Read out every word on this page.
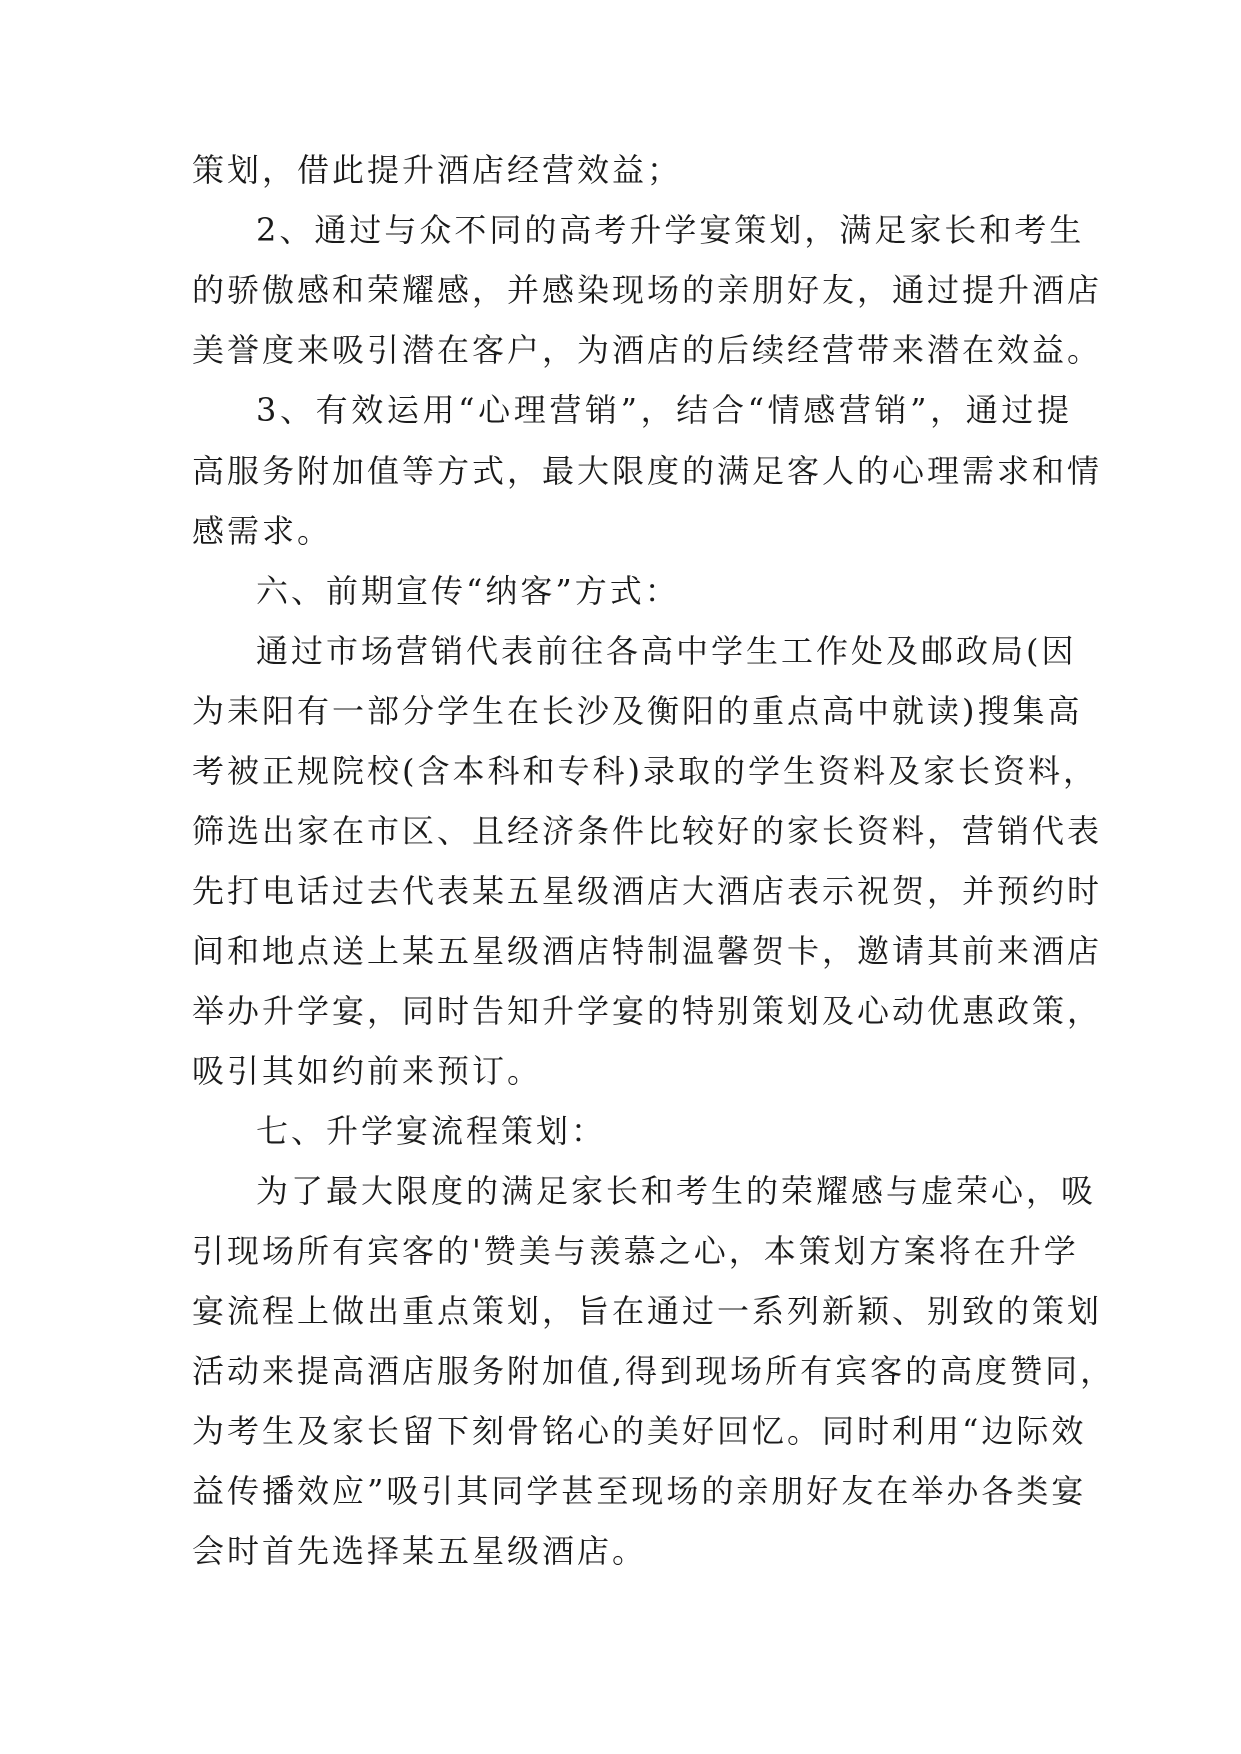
策划，借此提升酒店经营效益；
2、通过与众不同的高考升学宴策划，满足家长和考生
的骄傲感和荣耀感，并感染现场的亲朋好友，通过提升酒店
美誉度来吸引潜在客户，为酒店的后续经营带来潜在效益。
3、有效运用“心理营销”，结合“情感营销”，通过提
高服务附加值等方式，最大限度的满足客人的心理需求和情
感需求。
六、前期宣传“纳客”方式：
通过市场营销代表前往各高中学生工作处及邮政局(因
为耒阳有一部分学生在长沙及衡阳的重点高中就读)搜集高
考被正规院校(含本科和专科)录取的学生资料及家长资料，
筛选出家在市区、且经济条件比较好的家长资料，营销代表
先打电话过去代表某五星级酒店大酒店表示祝贺，并预约时
间和地点送上某五星级酒店特制温馨贺卡，邀请其前来酒店
举办升学宴，同时告知升学宴的特别策划及心动优惠政策，
吸引其如约前来预订。
七、升学宴流程策划：
为了最大限度的满足家长和考生的荣耀感与虚荣心，吸
引现场所有宾客的'赞美与羡慕之心，本策划方案将在升学
宴流程上做出重点策划，旨在通过一系列新颖、别致的策划
活动来提高酒店服务附加值,得到现场所有宾客的高度赞同，
为考生及家长留下刻骨铭心的美好回忆。同时利用“边际效
益传播效应”吸引其同学甚至现场的亲朋好友在举办各类宴
会时首先选择某五星级酒店。
